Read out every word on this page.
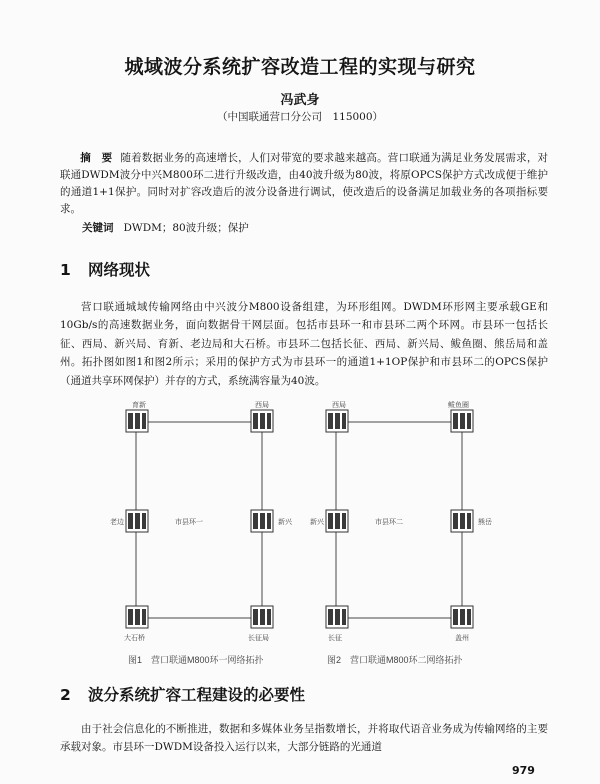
城域波分系统扩容改造工程的实现与研究
冯武身
（中国联通营口分公司　115000）
摘　要 随着数据业务的高速增长，人们对带宽的要求越来越高。营口联通为满足业务发展需求，对联通DWDM波分中兴M800环二进行升级改造，由40波升级为80波，将原OPCS保护方式改成便于维护的通道1+1保护。同时对扩容改造后的波分设备进行调试，使改造后的设备满足加载业务的各项指标要求。
关键词 DWDM；80波升级；保护
1 网络现状
营口联通城域传输网络由中兴波分M800设备组建，为环形组网。DWDM环形网主要承载GE和10Gb/s的高速数据业务，面向数据骨干网层面。包括市县环一和市县环二两个环网。市县环一包括长征、西局、新兴局、育新、老边局和大石桥。市县环二包括长征、西局、新兴局、鲅鱼圈、熊岳局和盖州。拓扑图如图1和图2所示；采用的保护方式为市县环一的通道1+1OP保护和市县环二的OPCS保护（通道共享环网保护）并存的方式，系统满容量为40波。
育新	西局
老边	新兴
市县环一
大石桥	长征局
图1　营口联通M800环一网络拓扑
西局	鲅鱼圈
新兴	熊岳
市县环二
长征	盖州
图2　营口联通M800环二网络拓扑
2 波分系统扩容工程建设的必要性
由于社会信息化的不断推进，数据和多媒体业务呈指数增长，并将取代语音业务成为传输网络的主要承载对象。市县环一DWDM设备投入运行以来，大部分链路的光通道
979
